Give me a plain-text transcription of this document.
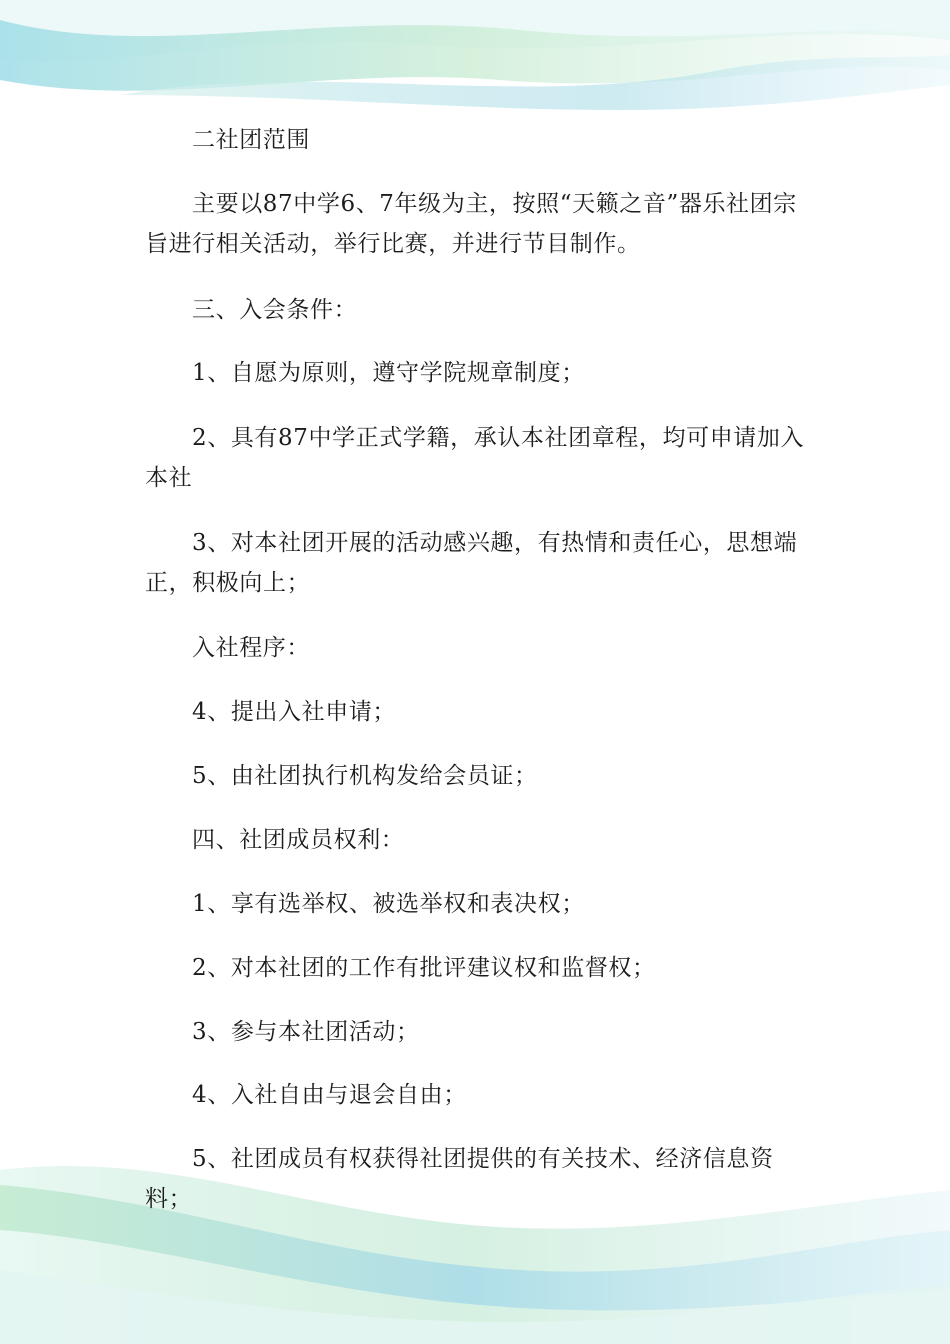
二社团范围

主要以87中学6、7年级为主，按照“天籁之音”器乐社团宗旨进行相关活动，举行比赛，并进行节目制作。

三、入会条件：

1、自愿为原则，遵守学院规章制度；

2、具有87中学正式学籍，承认本社团章程，均可申请加入本社

3、对本社团开展的活动感兴趣，有热情和责任心，思想端正，积极向上；

入社程序：

4、提出入社申请；

5、由社团执行机构发给会员证；

四、社团成员权利：

1、享有选举权、被选举权和表决权；

2、对本社团的工作有批评建议权和监督权；

3、参与本社团活动；

4、入社自由与退会自由；

5、社团成员有权获得社团提供的有关技术、经济信息资料；
